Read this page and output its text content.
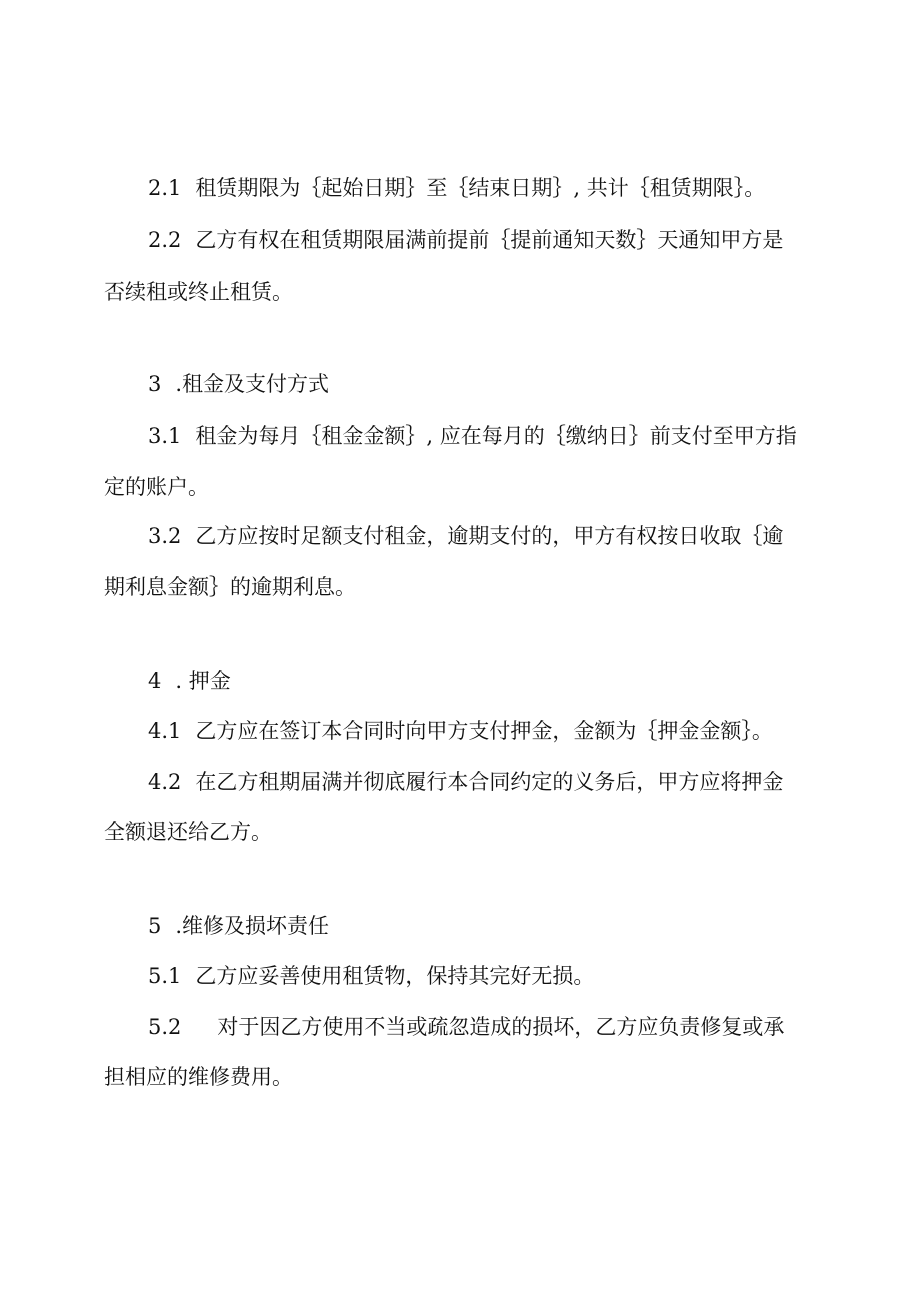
2.1 租赁期限为｛起始日期｝至｛结束日期｝, 共计｛租赁期限｝。
2.2 乙方有权在租赁期限届满前提前｛提前通知天数｝天通知甲方是
否续租或终止租赁。
3 .租金及支付方式
3.1 租金为每月｛租金金额｝, 应在每月的｛缴纳日｝前支付至甲方指
定的账户。
3.2 乙方应按时足额支付租金，逾期支付的，甲方有权按日收取｛逾
期利息金额｝的逾期利息。
4 . 押金
4.1 乙方应在签订本合同时向甲方支付押金，金额为｛押金金额｝。
4.2 在乙方租期届满并彻底履行本合同约定的义务后，甲方应将押金
全额退还给乙方。
5 .维修及损坏责任
5.1 乙方应妥善使用租赁物，保持其完好无损。
5.2 对于因乙方使用不当或疏忽造成的损坏，乙方应负责修复或承
担相应的维修费用。
